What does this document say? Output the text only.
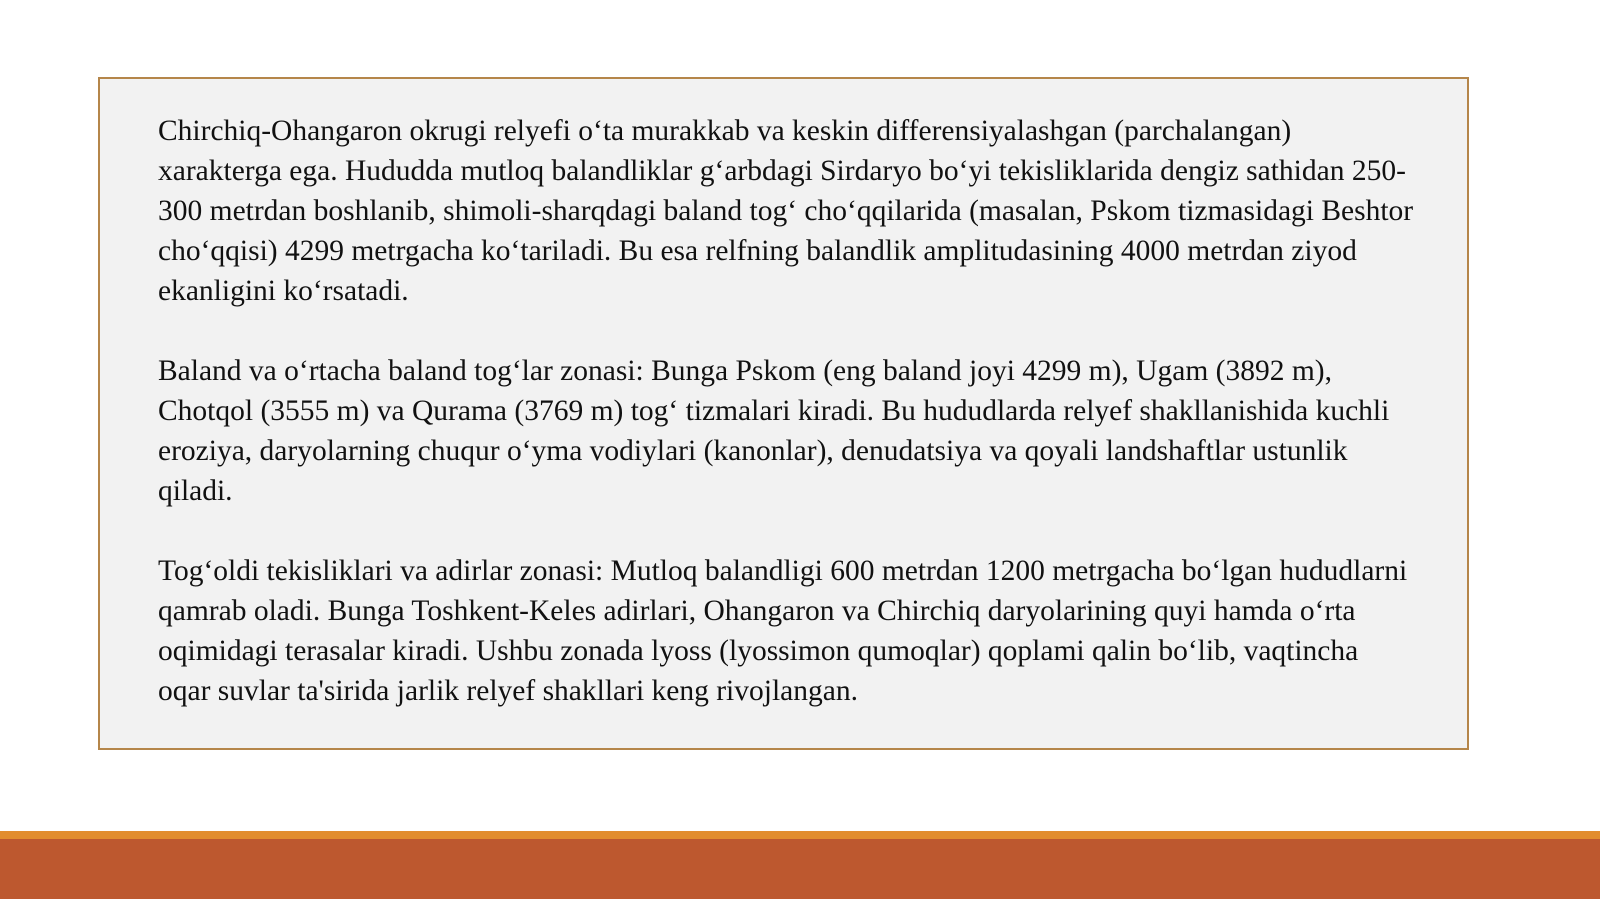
Chirchiq-Ohangaron okrugi relyefi o‘ta murakkab va keskin differensiyalashgan (parchalangan) xarakterga ega. Hududda mutloq balandliklar g‘arbdagi Sirdaryo bo‘yi tekisliklarida dengiz sathidan 250-300 metrdan boshlanib, shimoli-sharqdagi baland tog‘ cho‘qqilarida (masalan, Pskom tizmasidagi Beshtor cho‘qqisi) 4299 metrgacha ko‘tariladi. Bu esa relfning balandlik amplitudasining 4000 metrdan ziyod ekanligini ko‘rsatadi.

Baland va o‘rtacha baland tog‘lar zonasi: Bunga Pskom (eng baland joyi 4299 m), Ugam (3892 m), Chotqol (3555 m) va Qurama (3769 m) tog‘ tizmalari kiradi. Bu hududlarda relyef shakllanishida kuchli eroziya, daryolarning chuqur o‘yma vodiylari (kanonlar), denudatsiya va qoyali landshaftlar ustunlik qiladi.

Tog‘oldi tekisliklari va adirlar zonasi: Mutloq balandligi 600 metrdan 1200 metrgacha bo‘lgan hududlarni qamrab oladi. Bunga Toshkent-Keles adirlari, Ohangaron va Chirchiq daryolarining quyi hamda o‘rta oqimidagi terasalar kiradi. Ushbu zonada lyoss (lyossimon qumoqlar) qoplami qalin bo‘lib, vaqtincha oqar suvlar ta'sirida jarlik relyef shakllari keng rivojlangan.
